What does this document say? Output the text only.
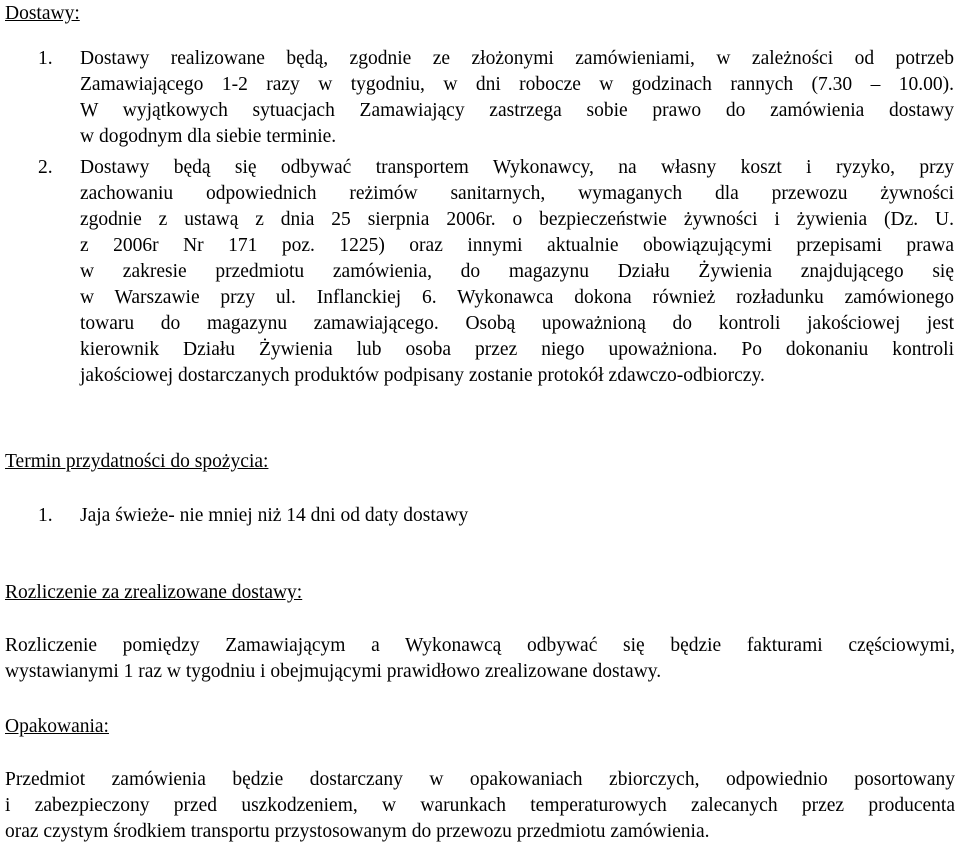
Dostawy:
1. Dostawy realizowane będą, zgodnie ze złożonymi zamówieniami, w zależności od potrzeb
Zamawiającego 1-2 razy w tygodniu, w dni robocze w godzinach rannych (7.30 – 10.00).
W wyjątkowych sytuacjach Zamawiający zastrzega sobie prawo do zamówienia dostawy
w dogodnym dla siebie terminie.
2. Dostawy będą się odbywać transportem Wykonawcy, na własny koszt i ryzyko, przy
zachowaniu odpowiednich reżimów sanitarnych, wymaganych dla przewozu żywności
zgodnie z ustawą z dnia 25 sierpnia 2006r. o bezpieczeństwie żywności i żywienia (Dz. U.
z 2006r Nr 171 poz. 1225) oraz innymi aktualnie obowiązującymi przepisami prawa
w zakresie przedmiotu zamówienia, do magazynu Działu Żywienia znajdującego się
w Warszawie przy ul. Inflanckiej 6. Wykonawca dokona również rozładunku zamówionego
towaru do magazynu zamawiającego. Osobą upoważnioną do kontroli jakościowej jest
kierownik Działu Żywienia lub osoba przez niego upoważniona. Po dokonaniu kontroli
jakościowej dostarczanych produktów podpisany zostanie protokół zdawczo-odbiorczy.
Termin przydatności do spożycia:
1. Jaja świeże- nie mniej niż 14 dni od daty dostawy
Rozliczenie za zrealizowane dostawy:

Rozliczenie pomiędzy Zamawiającym a Wykonawcą odbywać się będzie fakturami częściowymi,
wystawianymi 1 raz w tygodniu i obejmującymi prawidłowo zrealizowane dostawy.

Opakowania:

Przedmiot zamówienia będzie dostarczany w opakowaniach zbiorczych, odpowiednio posortowany
i zabezpieczony przed uszkodzeniem, w warunkach temperaturowych zalecanych przez producenta
oraz czystym środkiem transportu przystosowanym do przewozu przedmiotu zamówienia.
